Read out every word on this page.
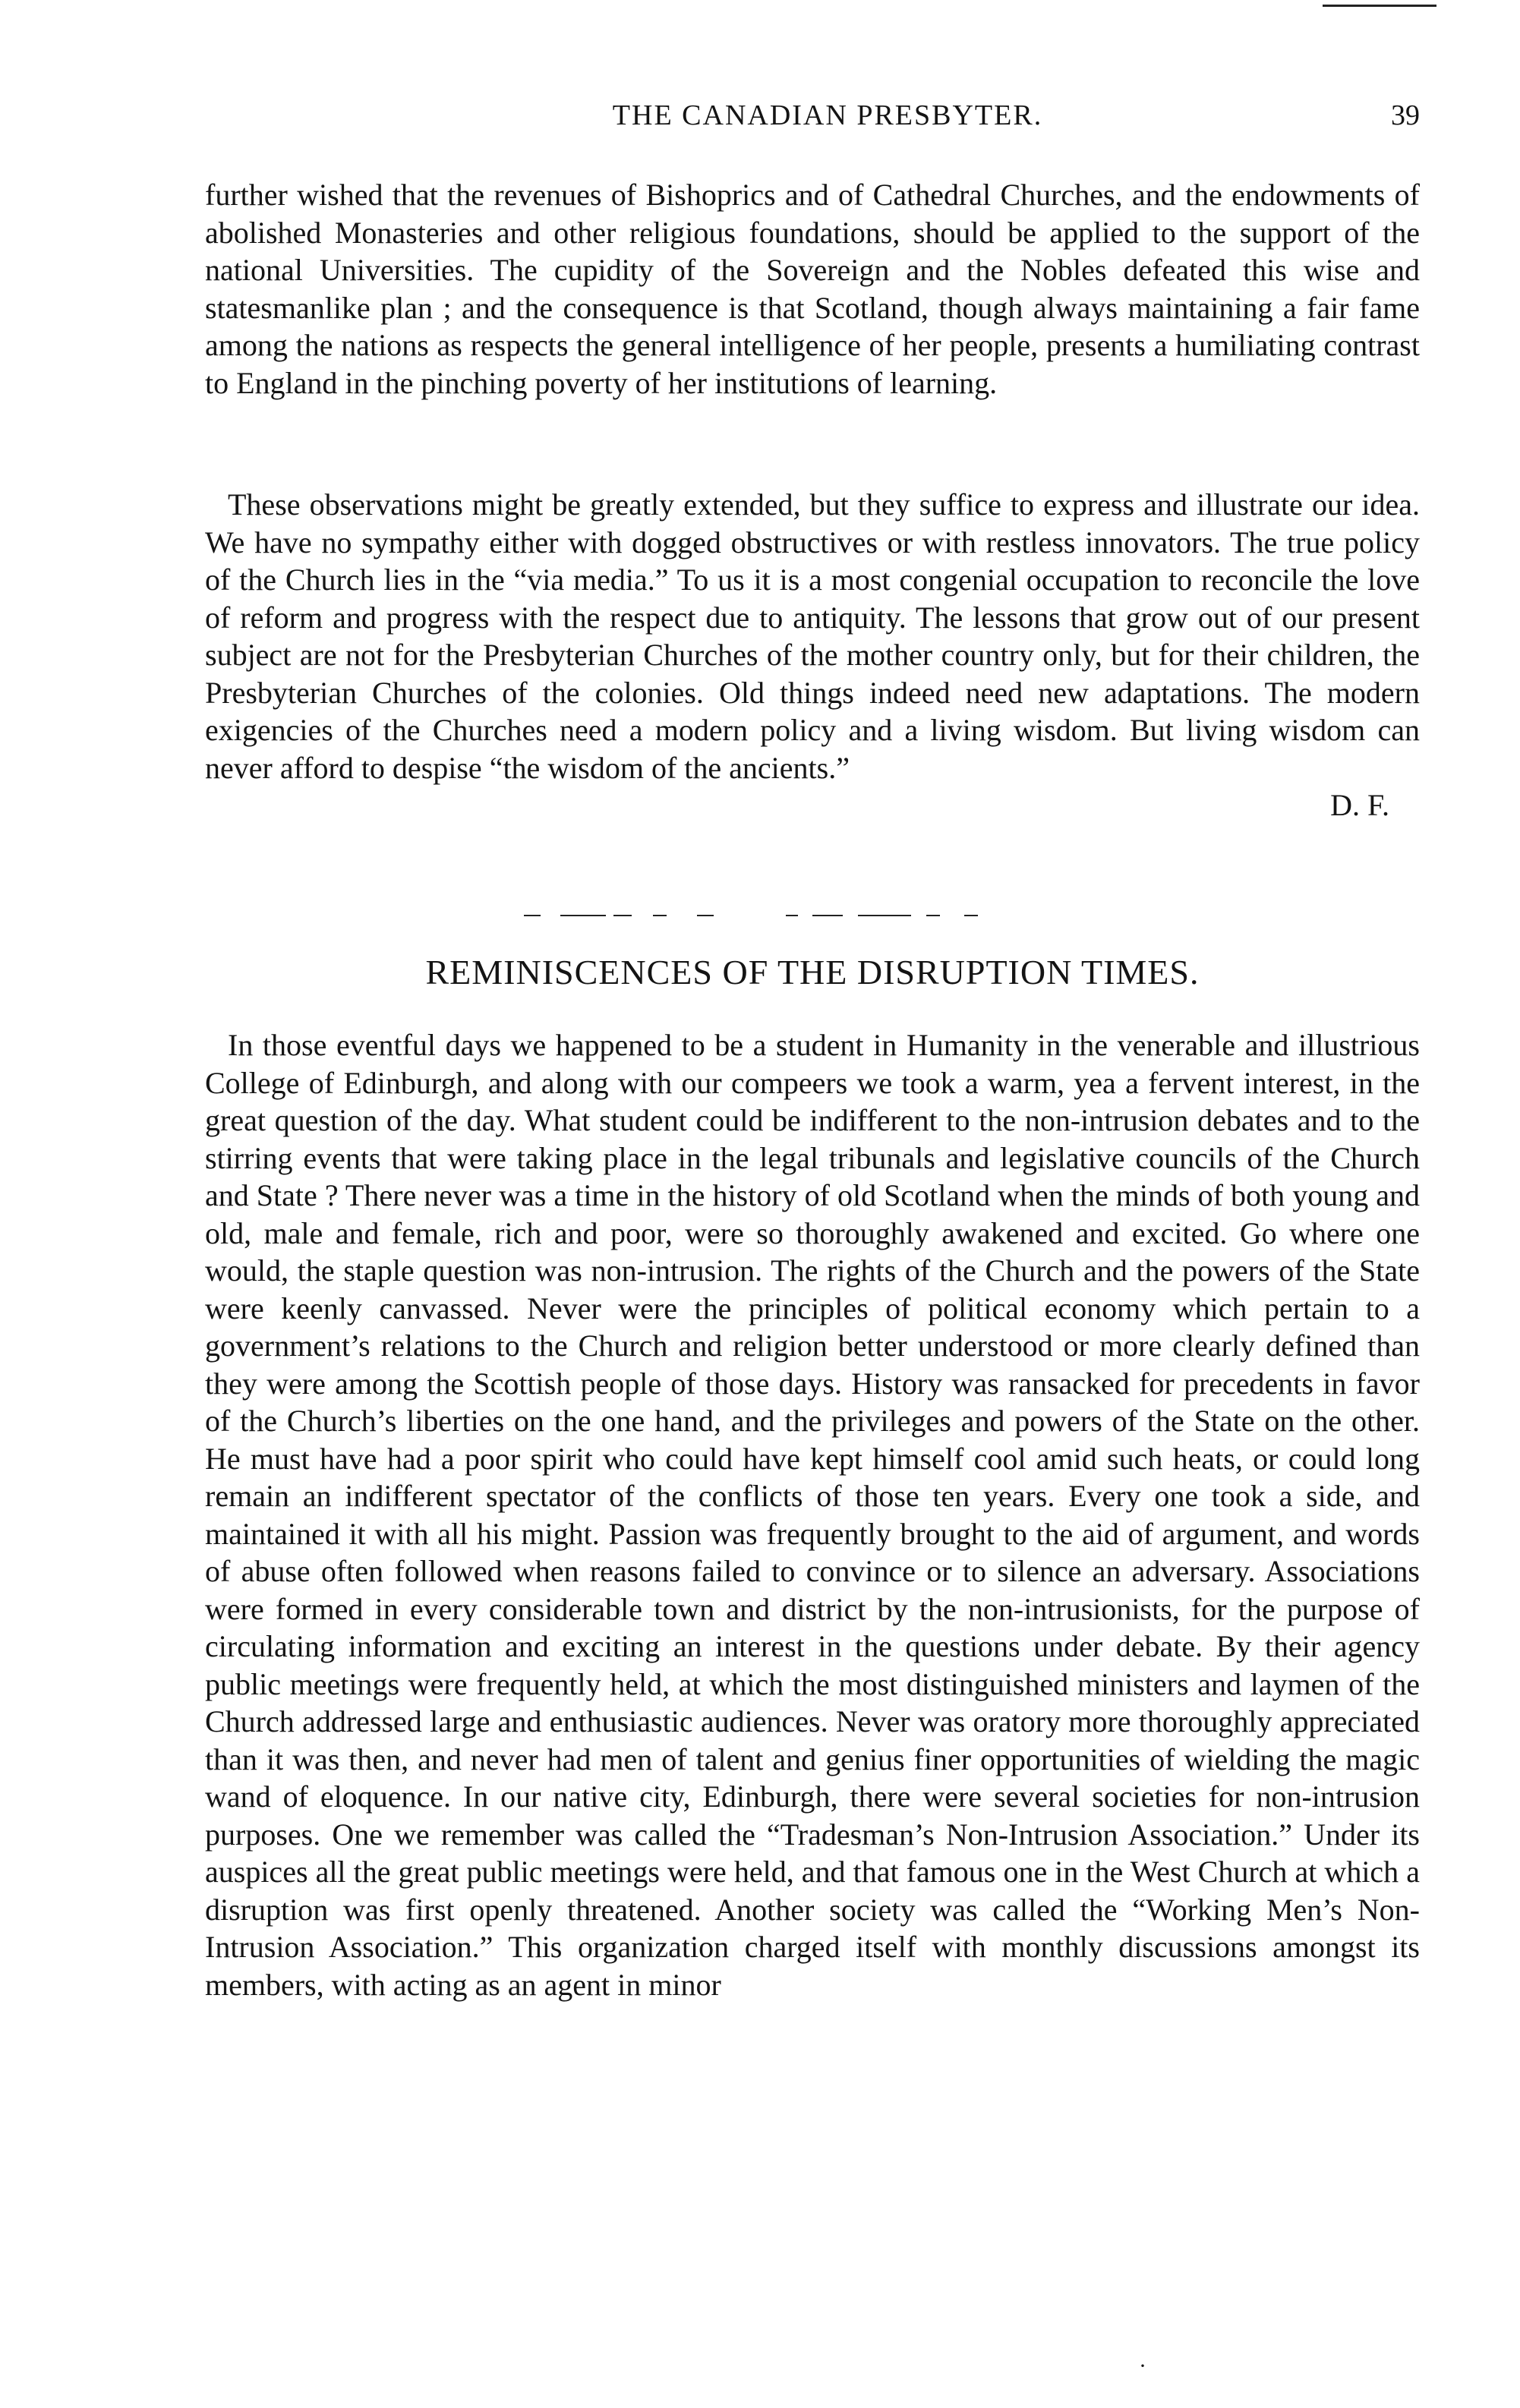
THE CANADIAN PRESBYTER.	39

further wished that the revenues of Bishoprics and of Cathedral Churches, and the endowments of abolished Monasteries and other religious foundations, should be applied to the support of the national Universities. The cupidity of the Sovereign and the Nobles defeated this wise and statesmanlike plan ; and the consequence is that Scotland, though always maintaining a fair fame among the nations as respects the general intelligence of her people, presents a humiliating contrast to England in the pinching poverty of her institutions of learning.

These observations might be greatly extended, but they suffice to express and illustrate our idea. We have no sympathy either with dogged obstructives or with restless innovators. The true policy of the Church lies in the “via media.” To us it is a most congenial occupation to reconcile the love of reform and progress with the respect due to antiquity. The lessons that grow out of our present subject are not for the Presbyterian Churches of the mother country only, but for their children, the Presbyterian Churches of the colonies. Old things indeed need new adaptations. The modern exigencies of the Churches need a modern policy and a living wisdom. But living wisdom can never afford to despise “the wisdom of the ancients.”

D. F.

REMINISCENCES OF THE DISRUPTION TIMES.

In those eventful days we happened to be a student in Humanity in the venerable and illustrious College of Edinburgh, and along with our compeers we took a warm, yea a fervent interest, in the great question of the day. What student could be indifferent to the non-intrusion debates and to the stirring events that were taking place in the legal tribunals and legislative councils of the Church and State ? There never was a time in the history of old Scotland when the minds of both young and old, male and female, rich and poor, were so thoroughly awakened and excited. Go where one would, the staple question was non-intrusion. The rights of the Church and the powers of the State were keenly canvassed. Never were the principles of political economy which pertain to a government’s relations to the Church and religion better understood or more clearly defined than they were among the Scottish people of those days. History was ransacked for precedents in favor of the Church’s liberties on the one hand, and the privileges and powers of the State on the other. He must have had a poor spirit who could have kept himself cool amid such heats, or could long remain an indifferent spectator of the conflicts of those ten years. Every one took a side, and maintained it with all his might. Passion was frequently brought to the aid of argument, and words of abuse often followed when reasons failed to convince or to silence an adversary. Associations were formed in every considerable town and district by the non-intrusionists, for the purpose of circulating information and exciting an interest in the questions under debate. By their agency public meetings were frequently held, at which the most distinguished ministers and laymen of the Church addressed large and enthusiastic audiences. Never was oratory more thoroughly appreciated than it was then, and never had men of talent and genius finer opportunities of wielding the magic wand of eloquence. In our native city, Edinburgh, there were several societies for non-intrusion purposes. One we remember was called the “Tradesman’s Non-Intrusion Association.” Under its auspices all the great public meetings were held, and that famous one in the West Church at which a disruption was first openly threatened. Another society was called the “Working Men’s Non-Intrusion Association.” This organization charged itself with monthly discussions amongst its members, with acting as an agent in minor

·
